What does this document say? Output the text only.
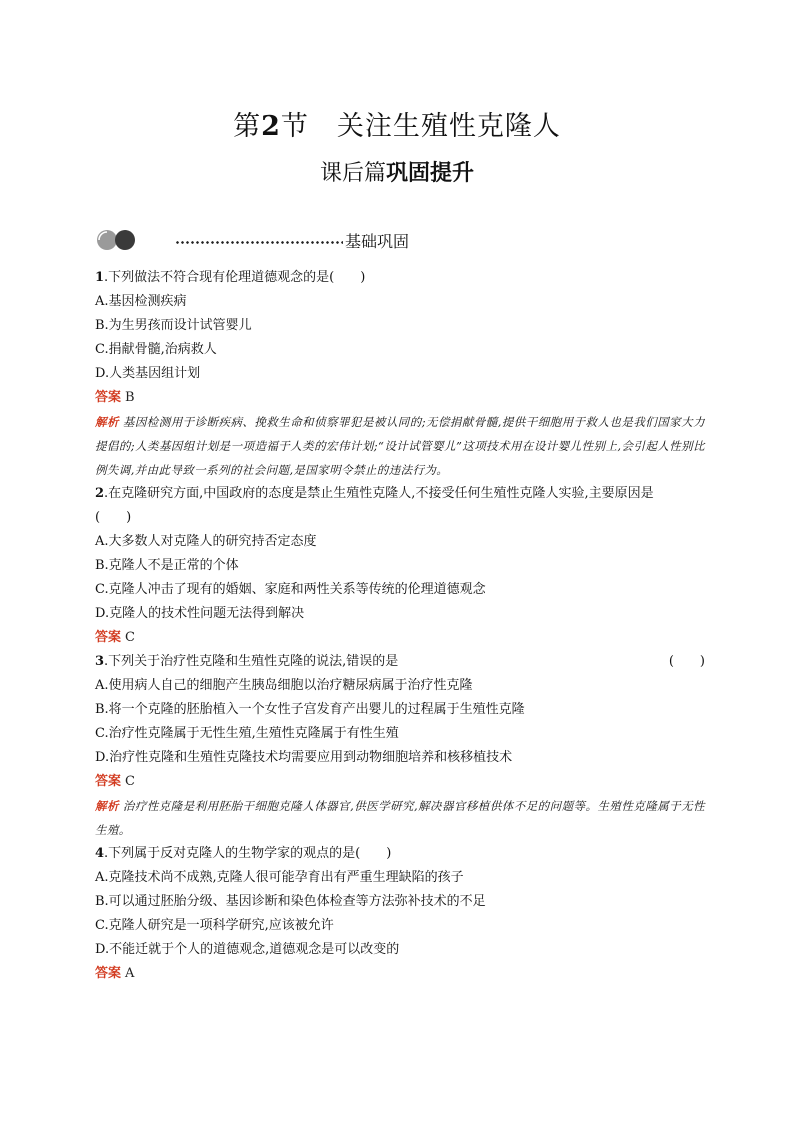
第2节　关注生殖性克隆人
课后篇巩固提升
基础巩固

1.下列做法不符合现有伦理道德观念的是(　　)

A.基因检测疾病

B.为生男孩而设计试管婴儿

C.捐献骨髓,治病救人

D.人类基因组计划

答案 B

解析 基因检测用于诊断疾病、挽救生命和侦察罪犯是被认同的;无偿捐献骨髓,提供干细胞用于救人也是我们国家大力提倡的;人类基因组计划是一项造福于人类的宏伟计划;“设计试管婴儿”这项技术用在设计婴儿性别上,会引起人性别比例失调,并由此导致一系列的社会问题,是国家明令禁止的违法行为。

2.在克隆研究方面,中国政府的态度是禁止生殖性克隆人,不接受任何生殖性克隆人实验,主要原因是

(　　)

A.大多数人对克隆人的研究持否定态度

B.克隆人不是正常的个体

C.克隆人冲击了现有的婚姻、家庭和两性关系等传统的伦理道德观念

D.克隆人的技术性问题无法得到解决

答案 C

3.下列关于治疗性克隆和生殖性克隆的说法,错误的是	(　　)

A.使用病人自己的细胞产生胰岛细胞以治疗糖尿病属于治疗性克隆

B.将一个克隆的胚胎植入一个女性子宫发育产出婴儿的过程属于生殖性克隆

C.治疗性克隆属于无性生殖,生殖性克隆属于有性生殖

D.治疗性克隆和生殖性克隆技术均需要应用到动物细胞培养和核移植技术

答案 C

解析 治疗性克隆是利用胚胎干细胞克隆人体器官,供医学研究,解决器官移植供体不足的问题等。生殖性克隆属于无性生殖。

4.下列属于反对克隆人的生物学家的观点的是(　　)

A.克隆技术尚不成熟,克隆人很可能孕育出有严重生理缺陷的孩子

B.可以通过胚胎分级、基因诊断和染色体检查等方法弥补技术的不足

C.克隆人研究是一项科学研究,应该被允许

D.不能迁就于个人的道德观念,道德观念是可以改变的

答案 A
